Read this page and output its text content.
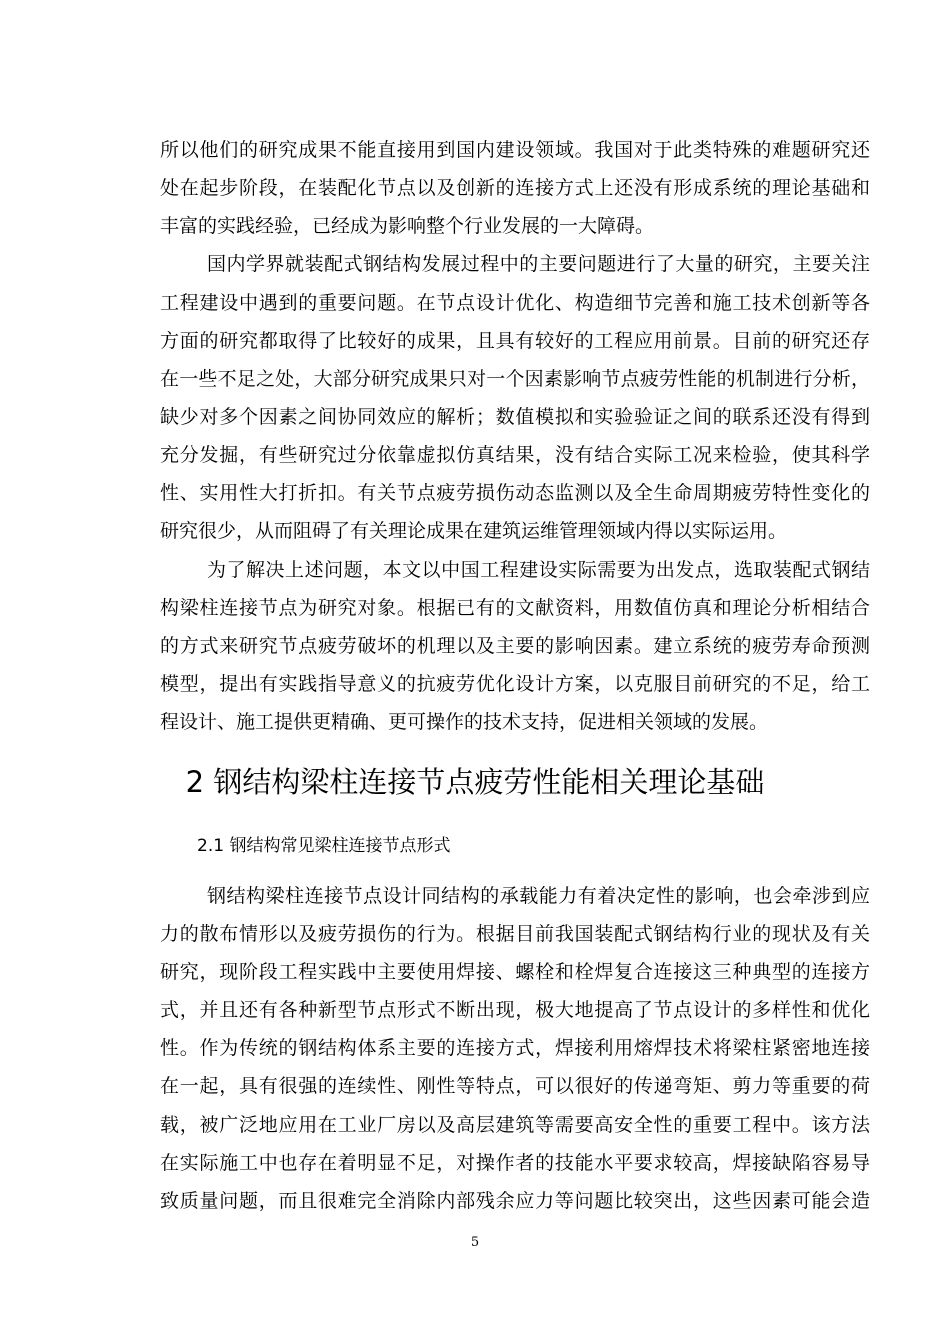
所以他们的研究成果不能直接用到国内建设领域。我国对于此类特殊的难题研究还
处在起步阶段，在装配化节点以及创新的连接方式上还没有形成系统的理论基础和
丰富的实践经验，已经成为影响整个行业发展的一大障碍。
国内学界就装配式钢结构发展过程中的主要问题进行了大量的研究，主要关注
工程建设中遇到的重要问题。在节点设计优化、构造细节完善和施工技术创新等各
方面的研究都取得了比较好的成果，且具有较好的工程应用前景。目前的研究还存
在一些不足之处，大部分研究成果只对一个因素影响节点疲劳性能的机制进行分析，
缺少对多个因素之间协同效应的解析；数值模拟和实验验证之间的联系还没有得到
充分发掘，有些研究过分依靠虚拟仿真结果，没有结合实际工况来检验，使其科学
性、实用性大打折扣。有关节点疲劳损伤动态监测以及全生命周期疲劳特性变化的
研究很少，从而阻碍了有关理论成果在建筑运维管理领域内得以实际运用。
为了解决上述问题，本文以中国工程建设实际需要为出发点，选取装配式钢结
构梁柱连接节点为研究对象。根据已有的文献资料，用数值仿真和理论分析相结合
的方式来研究节点疲劳破坏的机理以及主要的影响因素。建立系统的疲劳寿命预测
模型，提出有实践指导意义的抗疲劳优化设计方案，以克服目前研究的不足，给工
程设计、施工提供更精确、更可操作的技术支持，促进相关领域的发展。
2 钢结构梁柱连接节点疲劳性能相关理论基础
2.1 钢结构常见梁柱连接节点形式
钢结构梁柱连接节点设计同结构的承载能力有着决定性的影响，也会牵涉到应
力的散布情形以及疲劳损伤的行为。根据目前我国装配式钢结构行业的现状及有关
研究，现阶段工程实践中主要使用焊接、螺栓和栓焊复合连接这三种典型的连接方
式，并且还有各种新型节点形式不断出现，极大地提高了节点设计的多样性和优化
性。作为传统的钢结构体系主要的连接方式，焊接利用熔焊技术将梁柱紧密地连接
在一起，具有很强的连续性、刚性等特点，可以很好的传递弯矩、剪力等重要的荷
载，被广泛地应用在工业厂房以及高层建筑等需要高安全性的重要工程中。该方法
在实际施工中也存在着明显不足，对操作者的技能水平要求较高，焊接缺陷容易导
致质量问题，而且很难完全消除内部残余应力等问题比较突出，这些因素可能会造
5
